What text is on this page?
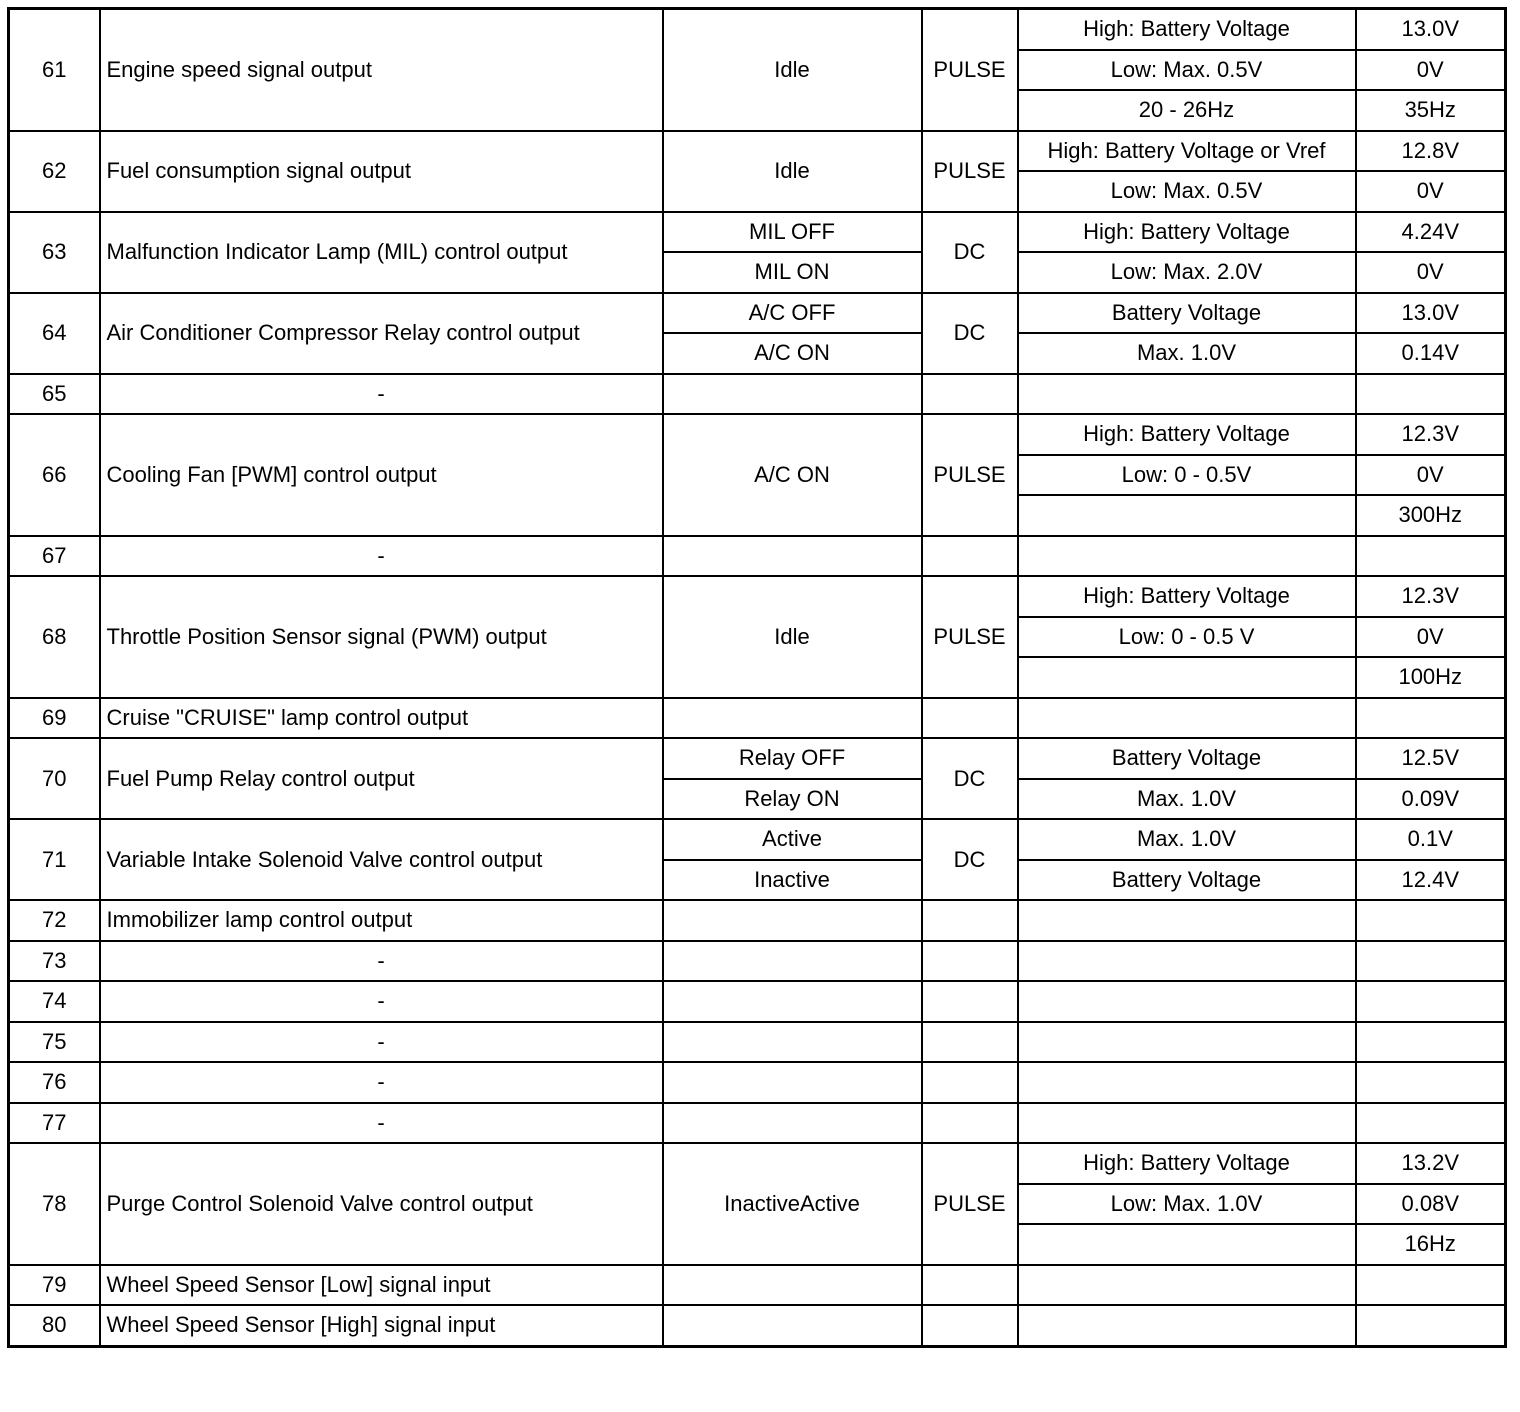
61	Engine speed signal output	Idle	PULSE	High: Battery Voltage	13.0V
				Low: Max. 0.5V	0V
				20 - 26Hz	35Hz
62	Fuel consumption signal output	Idle	PULSE	High: Battery Voltage or Vref	12.8V
				Low: Max. 0.5V	0V
63	Malfunction Indicator Lamp (MIL) control output	MIL OFF	DC	High: Battery Voltage	4.24V
		MIL ON		Low: Max. 2.0V	0V
64	Air Conditioner Compressor Relay control output	A/C OFF	DC	Battery Voltage	13.0V
		A/C ON		Max. 1.0V	0.14V
65	-				
66	Cooling Fan [PWM] control output	A/C ON	PULSE	High: Battery Voltage	12.3V
				Low: 0 - 0.5V	0V
					300Hz
67	-				
68	Throttle Position Sensor signal (PWM) output	Idle	PULSE	High: Battery Voltage	12.3V
				Low: 0 - 0.5 V	0V
					100Hz
69	Cruise "CRUISE" lamp control output				
70	Fuel Pump Relay control output	Relay OFF	DC	Battery Voltage	12.5V
		Relay ON		Max. 1.0V	0.09V
71	Variable Intake Solenoid Valve control output	Active	DC	Max. 1.0V	0.1V
		Inactive		Battery Voltage	12.4V
72	Immobilizer lamp control output				
73	-				
74	-				
75	-				
76	-				
77	-				
78	Purge Control Solenoid Valve control output	InactiveActive	PULSE	High: Battery Voltage	13.2V
				Low: Max. 1.0V	0.08V
					16Hz
79	Wheel Speed Sensor [Low] signal input				
80	Wheel Speed Sensor [High] signal input				
